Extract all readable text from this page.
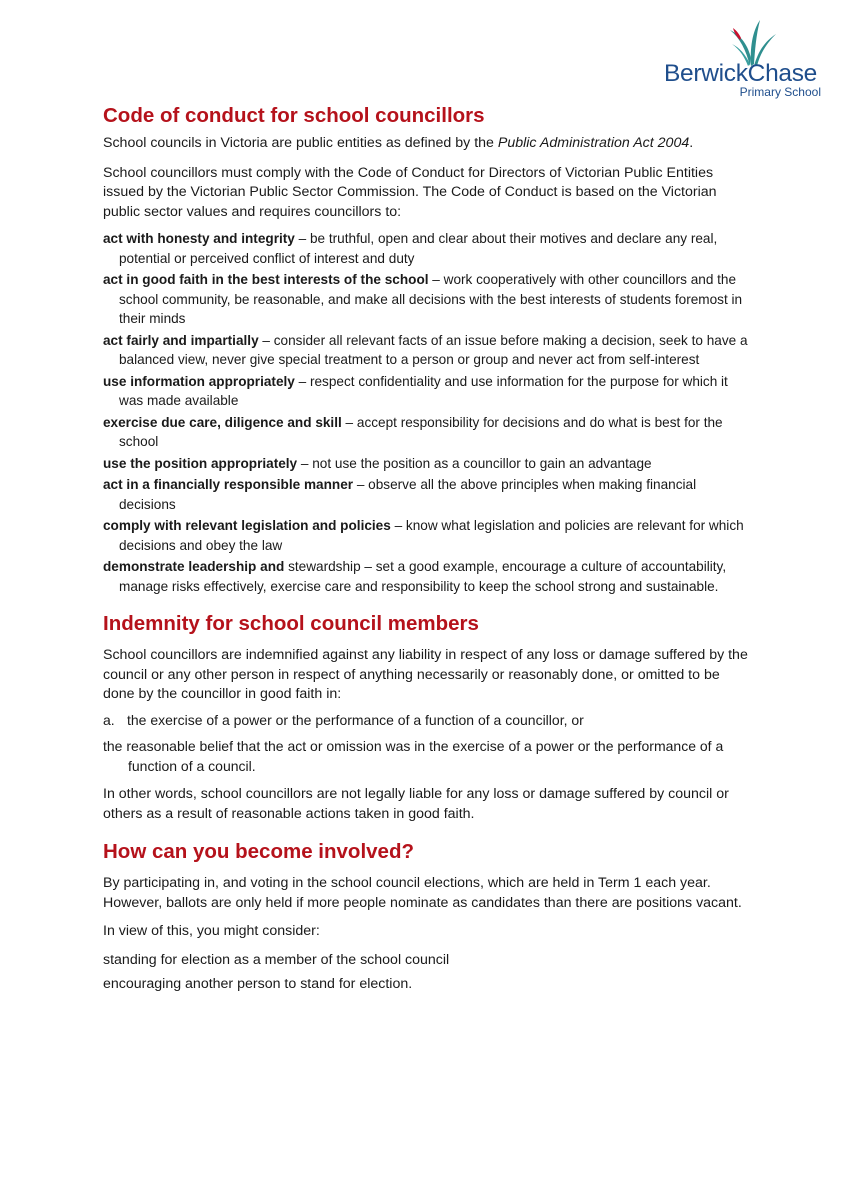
BerwickChase
Primary School
Code of conduct for school councillors

School councils in Victoria are public entities as defined by the Public Administration Act 2004.

School councillors must comply with the Code of Conduct for Directors of Victorian Public Entities issued by the Victorian Public Sector Commission. The Code of Conduct is based on the Victorian public sector values and requires councillors to:

act with honesty and integrity – be truthful, open and clear about their motives and declare any real, potential or perceived conflict of interest and duty

act in good faith in the best interests of the school – work cooperatively with other councillors and the school community, be reasonable, and make all decisions with the best interests of students foremost in their minds

act fairly and impartially – consider all relevant facts of an issue before making a decision, seek to have a balanced view, never give special treatment to a person or group and never act from self-interest

use information appropriately – respect confidentiality and use information for the purpose for which it was made available

exercise due care, diligence and skill – accept responsibility for decisions and do what is best for the school

use the position appropriately – not use the position as a councillor to gain an advantage

act in a financially responsible manner – observe all the above principles when making financial decisions

comply with relevant legislation and policies – know what legislation and policies are relevant for which decisions and obey the law

demonstrate leadership and stewardship – set a good example, encourage a culture of accountability, manage risks effectively, exercise care and responsibility to keep the school strong and sustainable.

Indemnity for school council members

School councillors are indemnified against any liability in respect of any loss or damage suffered by the council or any other person in respect of anything necessarily or reasonably done, or omitted to be done by the councillor in good faith in:

a. the exercise of a power or the performance of a function of a councillor, or

the reasonable belief that the act or omission was in the exercise of a power or the performance of a function of a council.

In other words, school councillors are not legally liable for any loss or damage suffered by council or others as a result of reasonable actions taken in good faith.

How can you become involved?

By participating in, and voting in the school council elections, which are held in Term 1 each year. However, ballots are only held if more people nominate as candidates than there are positions vacant.

In view of this, you might consider:

standing for election as a member of the school council

encouraging another person to stand for election.
